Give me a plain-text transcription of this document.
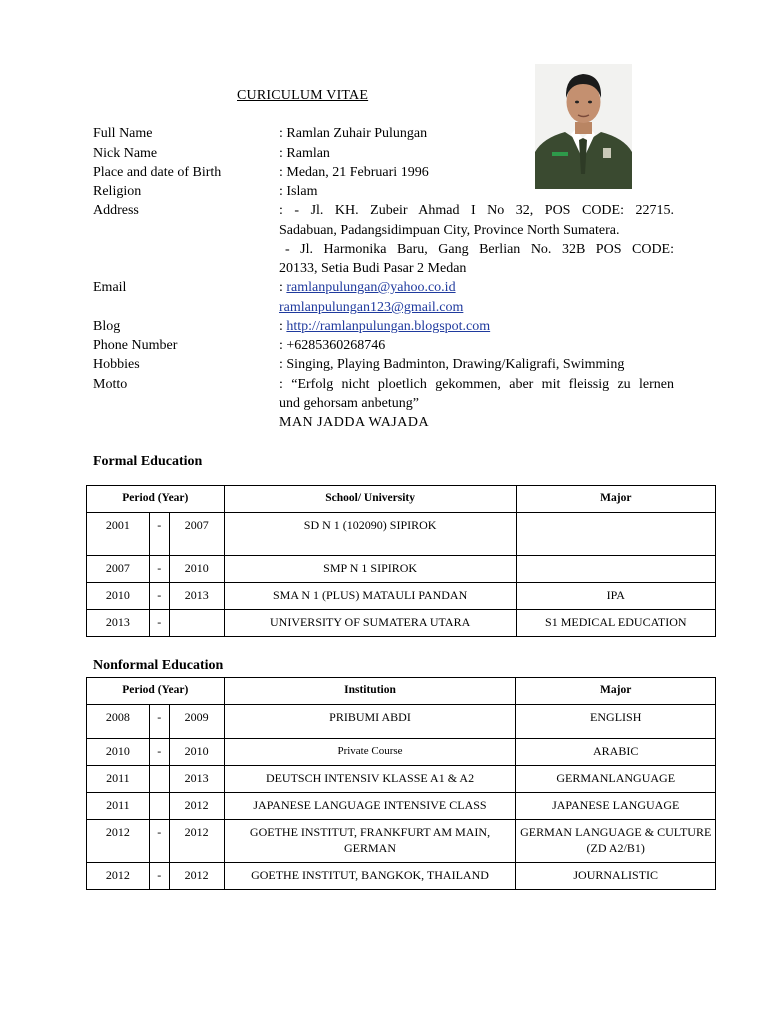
CURICULUM VITAE
Full Name	: Ramlan Zuhair Pulungan
Nick Name	: Ramlan
Place and date of Birth	: Medan, 21 Februari 1996
Religion	: Islam
Address	: - Jl. KH. Zubeir Ahmad I No 32, POS CODE: 22715.
Sadabuan, Padangsidimpuan City, Province North Sumatera.
- Jl. Harmonika Baru, Gang Berlian No. 32B POS CODE:
20133, Setia Budi Pasar 2 Medan
Email	: ramlanpulungan@yahoo.co.id
ramlanpulungan123@gmail.com
Blog	: http://ramlanpulungan.blogspot.com
Phone Number	: +6285360268746
Hobbies	: Singing, Playing Badminton, Drawing/Kaligrafi, Swimming
Motto	: “Erfolg nicht ploetlich gekommen, aber mit fleissig zu lernen
und gehorsam anbetung”
MAN JADDA WAJADA
Formal Education
Period (Year)			School/ University	Major
2001	-	2007	SD N 1 (102090) SIPIROK	
2007	-	2010	SMP N 1 SIPIROK	
2010	-	2013	SMA N 1 (PLUS) MATAULI PANDAN	IPA
2013	-		UNIVERSITY OF SUMATERA UTARA	S1 MEDICAL EDUCATION
Nonformal Education
Period (Year)			Institution	Major
2008	-	2009	PRIBUMI ABDI	ENGLISH
2010	-	2010	Private Course	ARABIC
2011		2013	DEUTSCH INTENSIV KLASSE A1 & A2	GERMANLANGUAGE
2011		2012	JAPANESE LANGUAGE INTENSIVE CLASS	JAPANESE LANGUAGE
2012	-	2012	GOETHE INSTITUT, FRANKFURT AM MAIN, GERMAN	GERMAN LANGUAGE & CULTURE (ZD A2/B1)
2012	-	2012	GOETHE INSTITUT, BANGKOK, THAILAND	JOURNALISTIC
